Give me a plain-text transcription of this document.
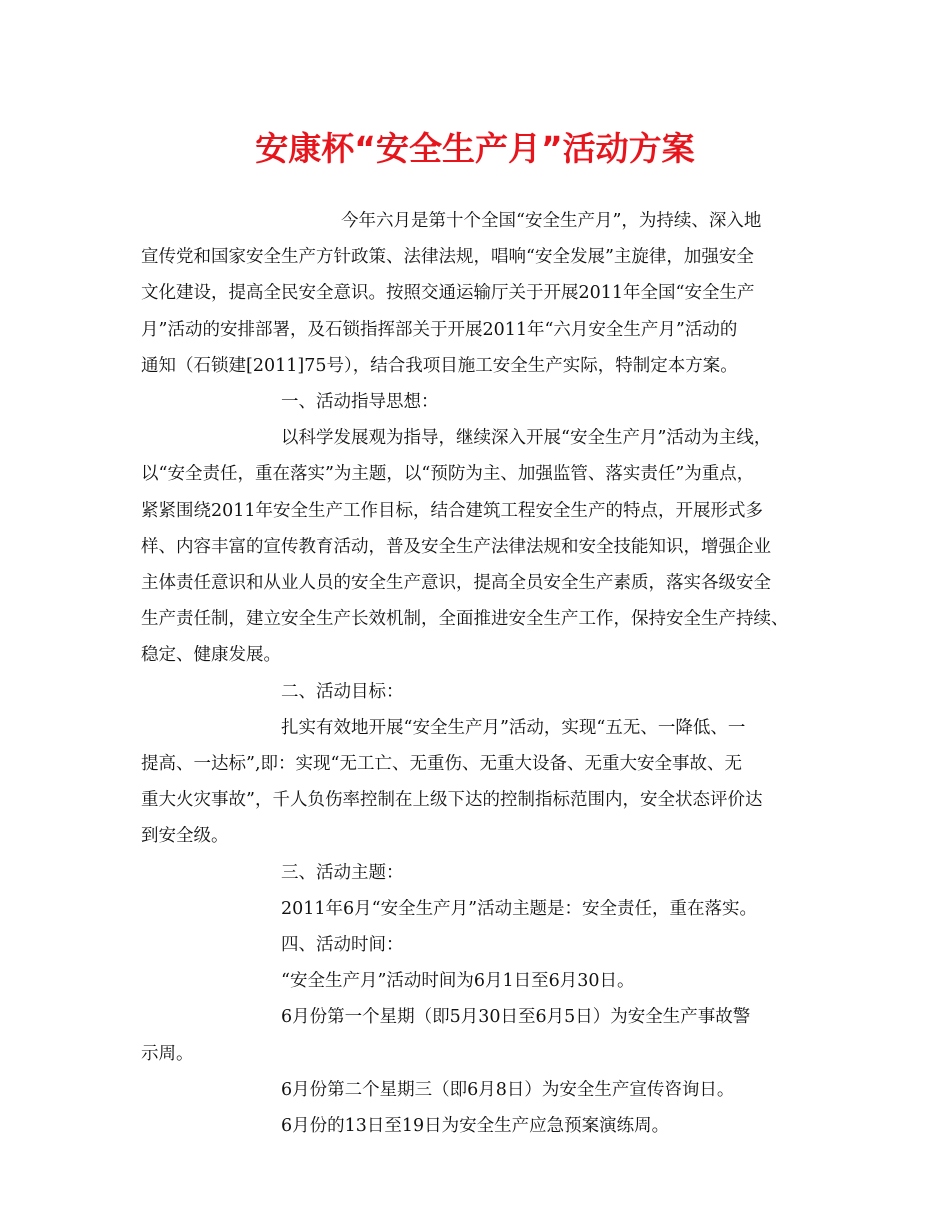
安康杯“安全生产月”活动方案

今年六月是第十个全国“安全生产月”，为持续、深入地

宣传党和国家安全生产方针政策、法律法规，唱响“安全发展”主旋律，加强安全

文化建设，提高全民安全意识。按照交通运输厅关于开展2011年全国“安全生产

月”活动的安排部署，及石锁指挥部关于开展2011年“六月安全生产月”活动的

通知（石锁建[2011]75号），结合我项目施工安全生产实际，特制定本方案。

一、活动指导思想：

以科学发展观为指导，继续深入开展“安全生产月”活动为主线，

以“安全责任，重在落实”为主题，以“预防为主、加强监管、落实责任”为重点，

紧紧围绕2011年安全生产工作目标，结合建筑工程安全生产的特点，开展形式多

样、内容丰富的宣传教育活动，普及安全生产法律法规和安全技能知识，增强企业

主体责任意识和从业人员的安全生产意识，提高全员安全生产素质，落实各级安全

生产责任制，建立安全生产长效机制，全面推进安全生产工作，保持安全生产持续、

稳定、健康发展。

二、活动目标：

扎实有效地开展“安全生产月”活动，实现“五无、一降低、一

提高、一达标”,即：实现“无工亡、无重伤、无重大设备、无重大安全事故、无

重大火灾事故”，千人负伤率控制在上级下达的控制指标范围内，安全状态评价达

到安全级。

三、活动主题：

2011年6月“安全生产月”活动主题是：安全责任，重在落实。

四、活动时间：

“安全生产月”活动时间为6月1日至6月30日。

6月份第一个星期（即5月30日至6月5日）为安全生产事故警

示周。

6月份第二个星期三（即6月8日）为安全生产宣传咨询日。

6月份的13日至19日为安全生产应急预案演练周。
